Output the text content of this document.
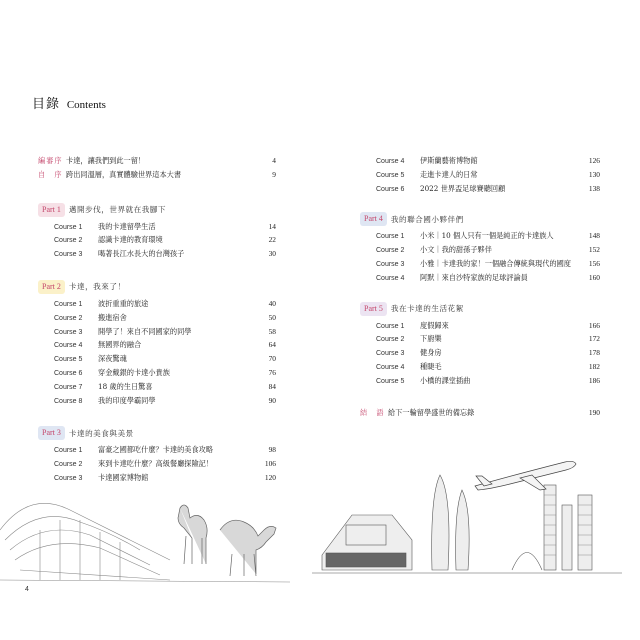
目錄 Contents
編審序 卡達，讓我們到此一留！	4
自　序 跨出同溫層，真實體驗世界這本大書	9
Part 1	邁開步伐，世界就在我腳下
Course 1	我的卡達留學生活	14
Course 2	認識卡達的教育環境	22
Course 3	喝著長江水長大的台灣孩子	30
Part 2	卡達，我來了！
Course 1	波折重重的旅途	40
Course 2	搬進宿舍	50
Course 3	開學了！來自不同國家的同學	58
Course 4	無國界的融合	64
Course 5	深夜驚魂	70
Course 6	穿金戴銀的卡達小貴族	76
Course 7	18 歲的生日驚喜	84
Course 8	我的印度學霸同學	90
Part 3	卡達的美食與美景
Course 1	富豪之國都吃什麼？卡達的美食攻略	98
Course 2	來到卡達吃什麼？高級餐廳探險記！	106
Course 3	卡達國家博物館	120
Course 4	伊斯蘭藝術博物館	126
Course 5	走進卡達人的日常	130
Course 6	2022 世界盃足球賽聽回顧	138
Part 4	我的聯合國小夥伴們
Course 1	小米｜10 個人只有一個是純正的卡達族人	148
Course 2	小文｜我的甜孫子夥伴	152
Course 3	小雅｜卡達我的家！一個融合傳統與現代的國度	156
Course 4	阿默｜來自沙特家族的足球評論員	160
Part 5	我在卡達的生活花絮
Course 1	度假歸來	166
Course 2	下廚樂	172
Course 3	健身房	178
Course 4	種睫毛	182
Course 5	小橋的課堂插曲	186
結　語 給下一輪留學盛世的備忘錄	190
4
